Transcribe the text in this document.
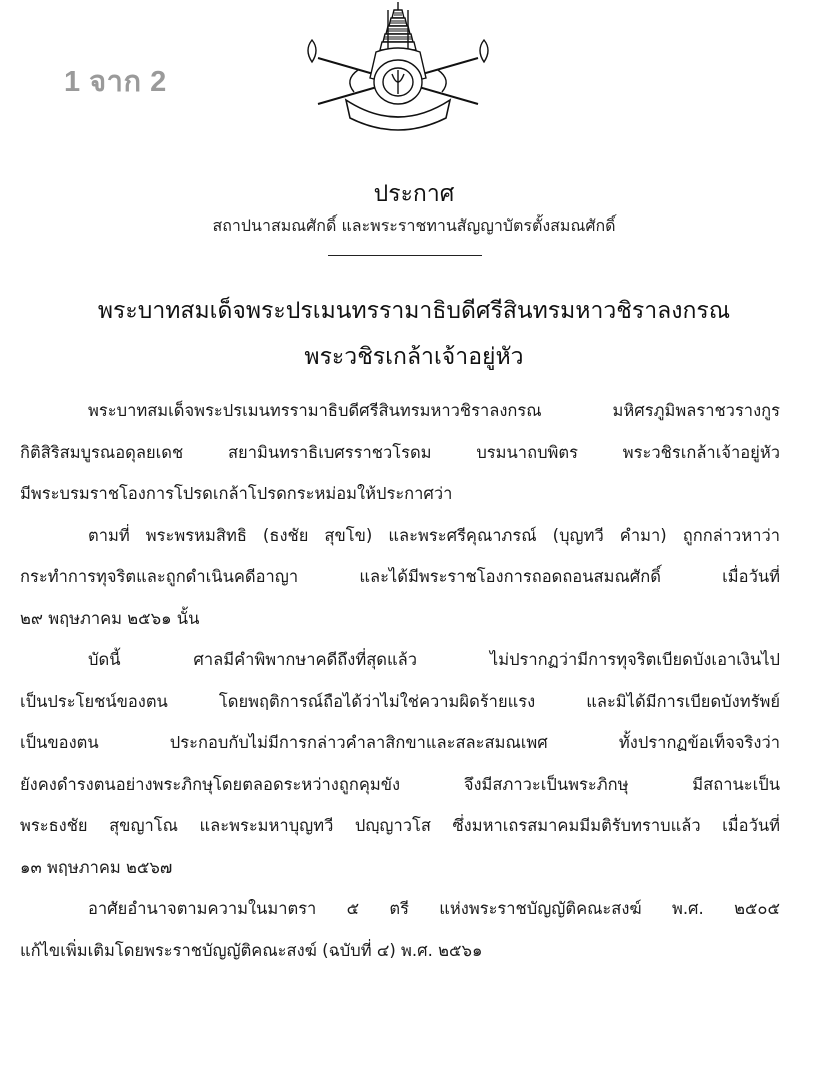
1 จาก 2
ประกาศ
สถาปนาสมณศักดิ์ และพระราชทานสัญญาบัตรตั้งสมณศักดิ์
พระบาทสมเด็จพระปรเมนทรรามาธิบดีศรีสินทรมหาวชิราลงกรณ
พระวชิรเกล้าเจ้าอยู่หัว
พระบาทสมเด็จพระปรเมนทรรามาธิบดีศรีสินทรมหาวชิราลงกรณ มหิศรภูมิพลราชวรางกูร
กิติสิริสมบูรณอดุลยเดช สยามินทราธิเบศรราชวโรดม บรมนาถบพิตร พระวชิรเกล้าเจ้าอยู่หัว
มีพระบรมราชโองการโปรดเกล้าโปรดกระหม่อมให้ประกาศว่า
ตามที่ พระพรหมสิทธิ (ธงชัย สุขโข) และพระศรีคุณาภรณ์ (บุญทวี คำมา) ถูกกล่าวหาว่า
กระทำการทุจริตและถูกดำเนินคดีอาญา และได้มีพระราชโองการถอดถอนสมณศักดิ์ เมื่อวันที่
๒๙ พฤษภาคม ๒๕๖๑ นั้น
บัดนี้ ศาลมีคำพิพากษาคดีถึงที่สุดแล้ว ไม่ปรากฏว่ามีการทุจริตเบียดบังเอาเงินไป
เป็นประโยชน์ของตน โดยพฤติการณ์ถือได้ว่าไม่ใช่ความผิดร้ายแรง และมิได้มีการเบียดบังทรัพย์
เป็นของตน ประกอบกับไม่มีการกล่าวคำลาสิกขาและสละสมณเพศ ทั้งปรากฏข้อเท็จจริงว่า
ยังคงดำรงตนอย่างพระภิกษุโดยตลอดระหว่างถูกคุมขัง จึงมีสภาวะเป็นพระภิกษุ มีสถานะเป็น
พระธงชัย สุขญาโณ และพระมหาบุญทวี ปญฺญาวโส ซึ่งมหาเถรสมาคมมีมติรับทราบแล้ว เมื่อวันที่
๑๓ พฤษภาคม ๒๕๖๗
อาศัยอำนาจตามความในมาตรา ๕ ตรี แห่งพระราชบัญญัติคณะสงฆ์ พ.ศ. ๒๕๐๕
แก้ไขเพิ่มเติมโดยพระราชบัญญัติคณะสงฆ์ (ฉบับที่ ๔) พ.ศ. ๒๕๖๑
